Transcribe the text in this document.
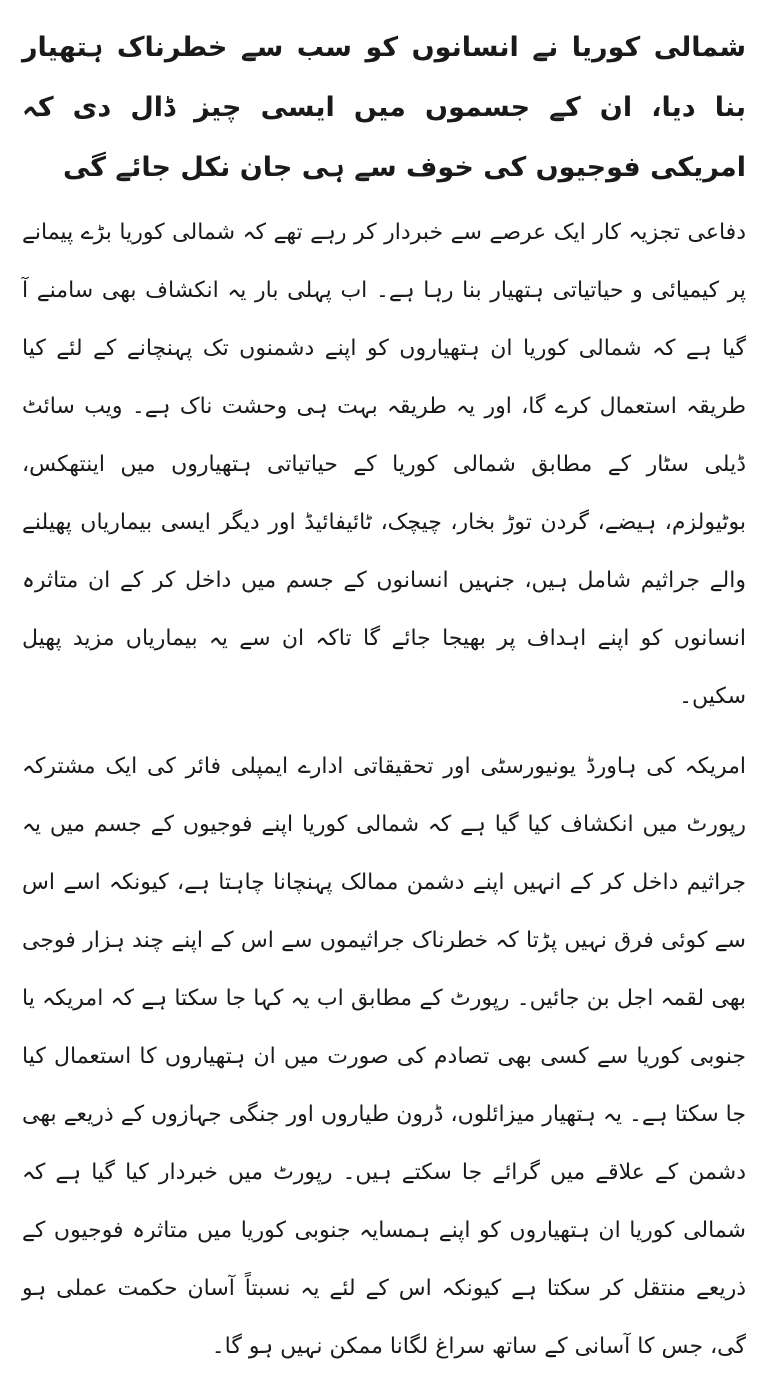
شمالی کوریا نے انسانوں کو سب سے خطرناک ہتھیار بنا دیا، ان کے جسموں میں ایسی چیز ڈال دی کہ امریکی فوجیوں کی خوف سے ہی جان نکل جائے گی

دفاعی تجزیہ کار ایک عرصے سے خبردار کر رہے تھے کہ شمالی کوریا بڑے پیمانے پر کیمیائی و حیاتیاتی ہتھیار بنا رہا ہے۔ اب پہلی بار یہ انکشاف بھی سامنے آ گیا ہے کہ شمالی کوریا ان ہتھیاروں کو اپنے دشمنوں تک پہنچانے کے لئے کیا طریقہ استعمال کرے گا، اور یہ طریقہ بہت ہی وحشت ناک ہے۔ ویب سائٹ ڈیلی سٹار کے مطابق شمالی کوریا کے حیاتیاتی ہتھیاروں میں اینتھکس، بوٹیولزم، ہیضے، گردن توڑ بخار، چیچک، ٹائیفائیڈ اور دیگر ایسی بیماریاں پھیلنے والے جراثیم شامل ہیں، جنہیں انسانوں کے جسم میں داخل کر کے ان متاثرہ انسانوں کو اپنے اہداف پر بھیجا جائے گا تاکہ ان سے یہ بیماریاں مزید پھیل سکیں۔

امریکہ کی ہاورڈ یونیورسٹی اور تحقیقاتی ادارے ایمپلی فائر کی ایک مشترکہ رپورٹ میں انکشاف کیا گیا ہے کہ شمالی کوریا اپنے فوجیوں کے جسم میں یہ جراثیم داخل کر کے انہیں اپنے دشمن ممالک پہنچانا چاہتا ہے، کیونکہ اسے اس سے کوئی فرق نہیں پڑتا کہ خطرناک جراثیموں سے اس کے اپنے چند ہزار فوجی بھی لقمہ اجل بن جائیں۔ رپورٹ کے مطابق اب یہ کہا جا سکتا ہے کہ امریکہ یا جنوبی کوریا سے کسی بھی تصادم کی صورت میں ان ہتھیاروں کا استعمال کیا جا سکتا ہے۔ یہ ہتھیار میزائلوں، ڈرون طیاروں اور جنگی جہازوں کے ذریعے بھی دشمن کے علاقے میں گرائے جا سکتے ہیں۔ رپورٹ میں خبردار کیا گیا ہے کہ شمالی کوریا ان ہتھیاروں کو اپنے ہمسایہ جنوبی کوریا میں متاثرہ فوجیوں کے ذریعے منتقل کر سکتا ہے کیونکہ اس کے لئے یہ نسبتاً آسان حکمت عملی ہو گی، جس کا آسانی کے ساتھ سراغ لگانا ممکن نہیں ہو گا۔
